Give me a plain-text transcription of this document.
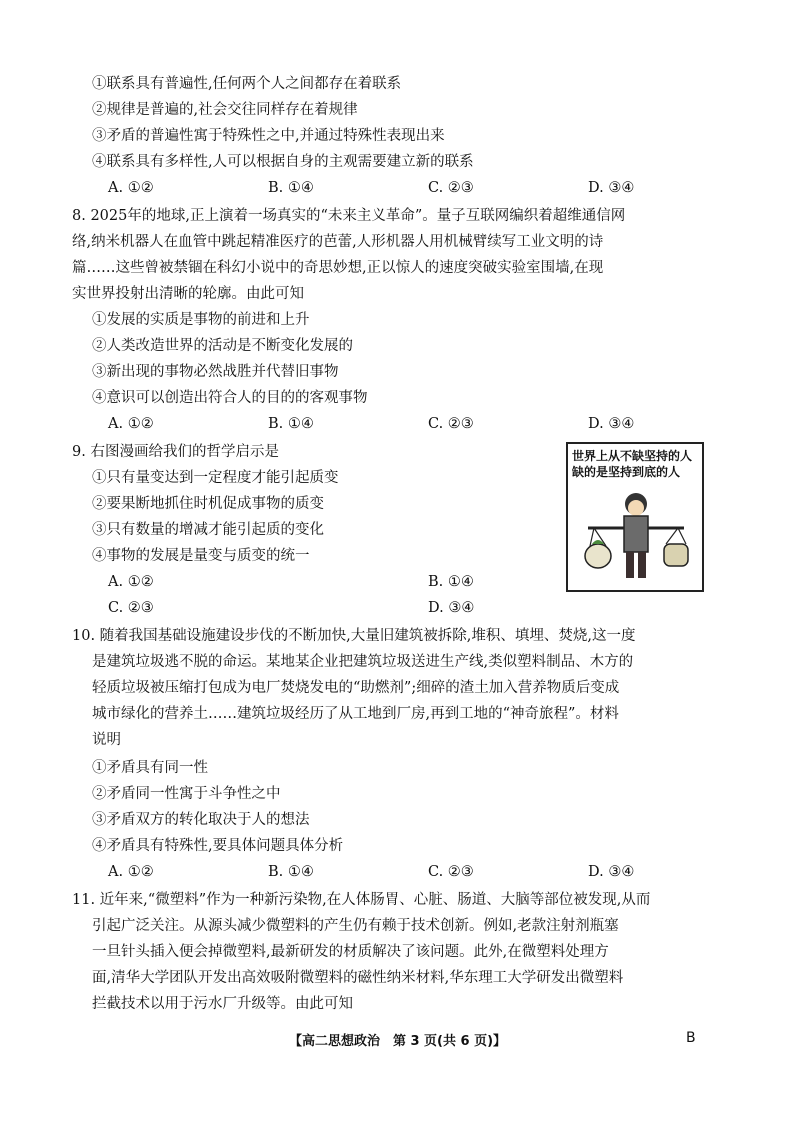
①联系具有普遍性,任何两个人之间都存在着联系
②规律是普遍的,社会交往同样存在着规律
③矛盾的普遍性寓于特殊性之中,并通过特殊性表现出来
④联系具有多样性,人可以根据自身的主观需要建立新的联系
A. ①②	B. ①④	C. ②③	D. ③④
8. 2025年的地球,正上演着一场真实的“未来主义革命”。量子互联网编织着超维通信网
络,纳米机器人在血管中跳起精准医疗的芭蕾,人形机器人用机械臂续写工业文明的诗
篇……这些曾被禁锢在科幻小说中的奇思妙想,正以惊人的速度突破实验室围墙,在现
实世界投射出清晰的轮廓。由此可知
①发展的实质是事物的前进和上升
②人类改造世界的活动是不断变化发展的
③新出现的事物必然战胜并代替旧事物
④意识可以创造出符合人的目的的客观事物
A. ①②	B. ①④	C. ②③	D. ③④
9. 右图漫画给我们的哲学启示是
①只有量变达到一定程度才能引起质变
②要果断地抓住时机促成事物的质变
③只有数量的增减才能引起质的变化
④事物的发展是量变与质变的统一
A. ①②	B. ①④
C. ②③	D. ③④
世界上从不缺坚持的人
缺的是坚持到底的人
10. 随着我国基础设施建设步伐的不断加快,大量旧建筑被拆除,堆积、填埋、焚烧,这一度
是建筑垃圾逃不脱的命运。某地某企业把建筑垃圾送进生产线,类似塑料制品、木方的
轻质垃圾被压缩打包成为电厂焚烧发电的“助燃剂”;细碎的渣土加入营养物质后变成
城市绿化的营养土……建筑垃圾经历了从工地到厂房,再到工地的“神奇旅程”。材料
说明
①矛盾具有同一性
②矛盾同一性寓于斗争性之中
③矛盾双方的转化取决于人的想法
④矛盾具有特殊性,要具体问题具体分析
A. ①②	B. ①④	C. ②③	D. ③④
11. 近年来,“微塑料”作为一种新污染物,在人体肠胃、心脏、肠道、大脑等部位被发现,从而
引起广泛关注。从源头减少微塑料的产生仍有赖于技术创新。例如,老款注射剂瓶塞
一旦针头插入便会掉微塑料,最新研发的材质解决了该问题。此外,在微塑料处理方
面,清华大学团队开发出高效吸附微塑料的磁性纳米材料,华东理工大学研发出微塑料
拦截技术以用于污水厂升级等。由此可知
【高二思想政治　第 3 页(共 6 页)】	B
